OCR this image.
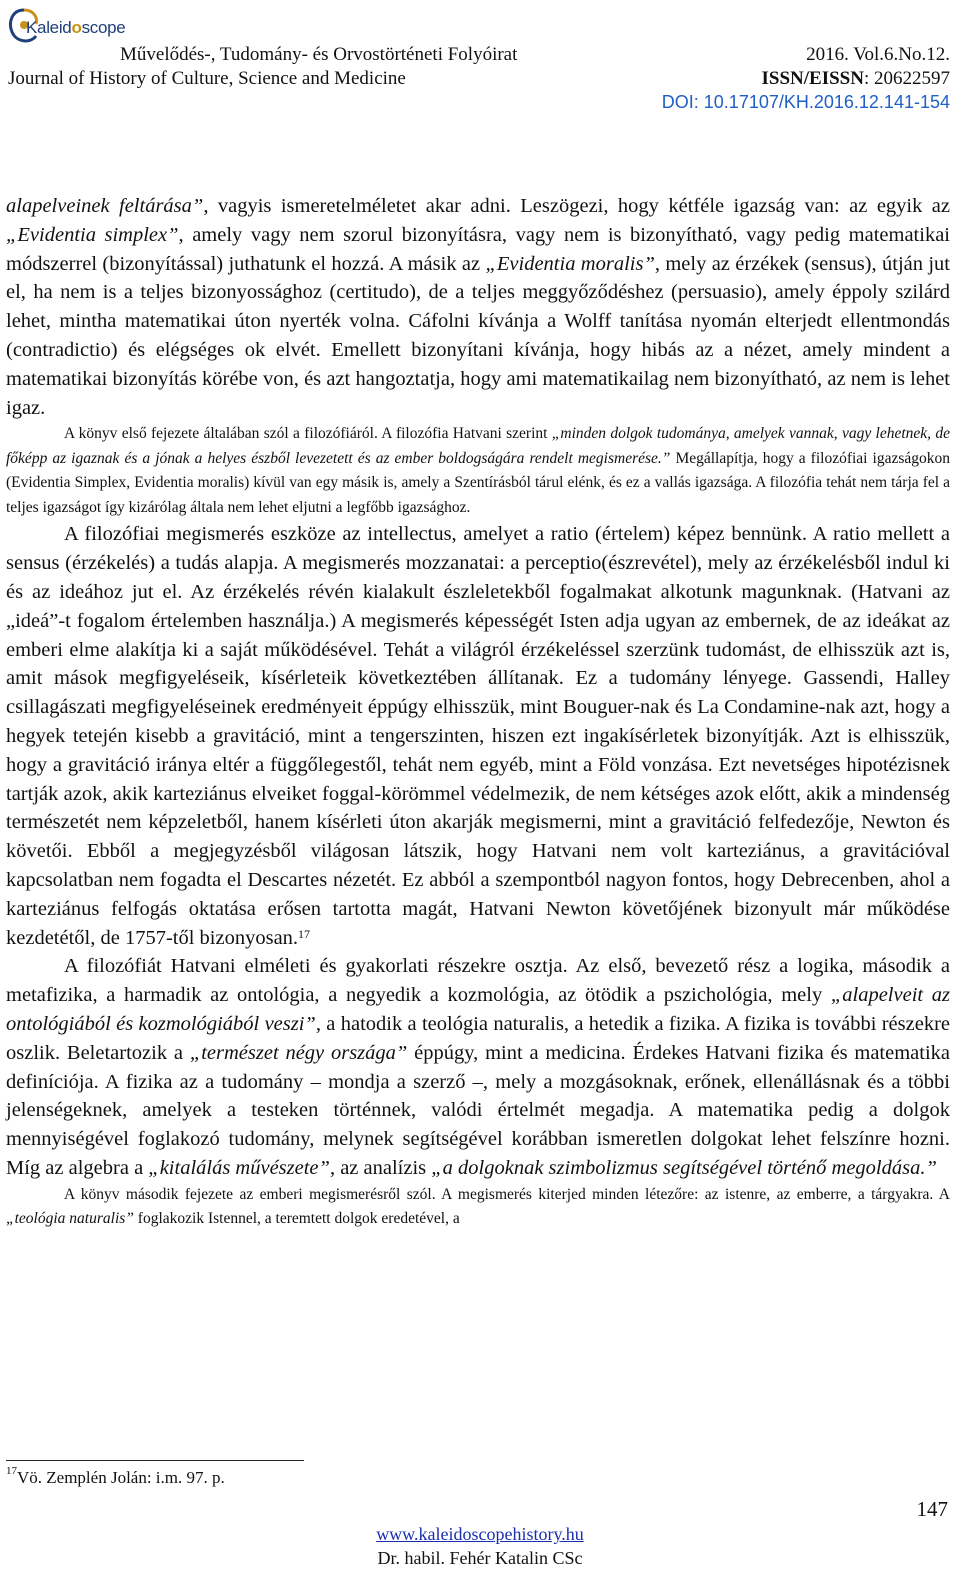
Kaleidoscope
Művelődés-, Tudomány- és Orvostörténeti Folyóirat
Journal of History of Culture, Science and Medicine
2016. Vol.6.No.12.
ISSN/EISSN: 20622597
DOI: 10.17107/KH.2016.12.141-154

alapelveinek feltárása”, vagyis ismeretelméletet akar adni. Leszögezi, hogy kétféle igazság van: az egyik az „Evidentia simplex”, amely vagy nem szorul bizonyításra, vagy nem is bizonyítható, vagy pedig matematikai módszerrel (bizonyítással) juthatunk el hozzá. A másik az „Evidentia moralis”, mely az érzékek (sensus), útján jut el, ha nem is a teljes bizonyossághoz (certitudo), de a teljes meggyőződéshez (persuasio), amely éppoly szilárd lehet, mintha matematikai úton nyerték volna. Cáfolni kívánja a Wolff tanítása nyomán elterjedt ellentmondás (contradictio) és elégséges ok elvét. Emellett bizonyítani kívánja, hogy hibás az a nézet, amely mindent a matematikai bizonyítás körébe von, és azt hangoztatja, hogy ami matematikailag nem bizonyítható, az nem is lehet igaz.

A könyv első fejezete általában szól a filozófiáról. A filozófia Hatvani szerint „minden dolgok tudománya, amelyek vannak, vagy lehetnek, de főképp az igaznak és a jónak a helyes észből levezetett és az ember boldogságára rendelt megismerése.” Megállapítja, hogy a filozófiai igazságokon (Evidentia Simplex, Evidentia moralis) kívül van egy másik is, amely a Szentírásból tárul elénk, és ez a vallás igazsága. A filozófia tehát nem tárja fel a teljes igazságot így kizárólag általa nem lehet eljutni a legfőbb igazsághoz.

A filozófiai megismerés eszköze az intellectus, amelyet a ratio (értelem) képez bennünk. A ratio mellett a sensus (érzékelés) a tudás alapja. A megismerés mozzanatai: a perceptio(észrevétel), mely az érzékelésből indul ki és az ideához jut el. Az érzékelés révén kialakult észleletekből fogalmakat alkotunk magunknak. (Hatvani az „ideá”-t fogalom értelemben használja.) A megismerés képességét Isten adja ugyan az embernek, de az ideákat az emberi elme alakítja ki a saját működésével. Tehát a világról érzékeléssel szerzünk tudomást, de elhisszük azt is, amit mások megfigyeléseik, kísérleteik következtében állítanak. Ez a tudomány lényege. Gassendi, Halley csillagászati megfigyeléseinek eredményeit éppúgy elhisszük, mint Bouguer-nak és La Condamine-nak azt, hogy a hegyek tetején kisebb a gravitáció, mint a tengerszinten, hiszen ezt ingakísérletek bizonyítják. Azt is elhisszük, hogy a gravitáció iránya eltér a függőlegestől, tehát nem egyéb, mint a Föld vonzása. Ezt nevetséges hipotézisnek tartják azok, akik karteziánus elveiket foggal-körömmel védelmezik, de nem kétséges azok előtt, akik a mindenség természetét nem képzeletből, hanem kísérleti úton akarják megismerni, mint a gravitáció felfedezője, Newton és követői. Ebből a megjegyzésből világosan látszik, hogy Hatvani nem volt karteziánus, a gravitációval kapcsolatban nem fogadta el Descartes nézetét. Ez abból a szempontból nagyon fontos, hogy Debrecenben, ahol a karteziánus felfogás oktatása erősen tartotta magát, Hatvani Newton követőjének bizonyult már működése kezdetétől, de 1757-től bizonyosan.$^{17}$

A filozófiát Hatvani elméleti és gyakorlati részekre osztja. Az első, bevezető rész a logika, második a metafizika, a harmadik az ontológia, a negyedik a kozmológia, az ötödik a pszichológia, mely „alapelveit az ontológiából és kozmológiából veszi”, a hatodik a teológia naturalis, a hetedik a fizika. A fizika is további részekre oszlik. Beletartozik a „természet négy országa” éppúgy, mint a medicina. Érdekes Hatvani fizika és matematika definíciója. A fizika az a tudomány – mondja a szerző –, mely a mozgásoknak, erőnek, ellenállásnak és a többi jelenségeknek, amelyek a testeken történnek, valódi értelmét megadja. A matematika pedig a dolgok mennyiségével foglakozó tudomány, melynek segítségével korábban ismeretlen dolgokat lehet felszínre hozni. Míg az algebra a „kitalálás művészete”, az analízis „a dolgoknak szimbolizmus segítségével történő megoldása.”

A könyv második fejezete az emberi megismerésről szól. A megismerés kiterjed minden létezőre: az istenre, az emberre, a tárgyakra. A „teológia naturalis” foglakozik Istennel, a teremtett dolgok eredetével, a

$^{17}$Vö. Zemplén Jolán: i.m. 97. p.
147
www.kaleidoscopehistory.hu
Dr. habil. Fehér Katalin CSc
